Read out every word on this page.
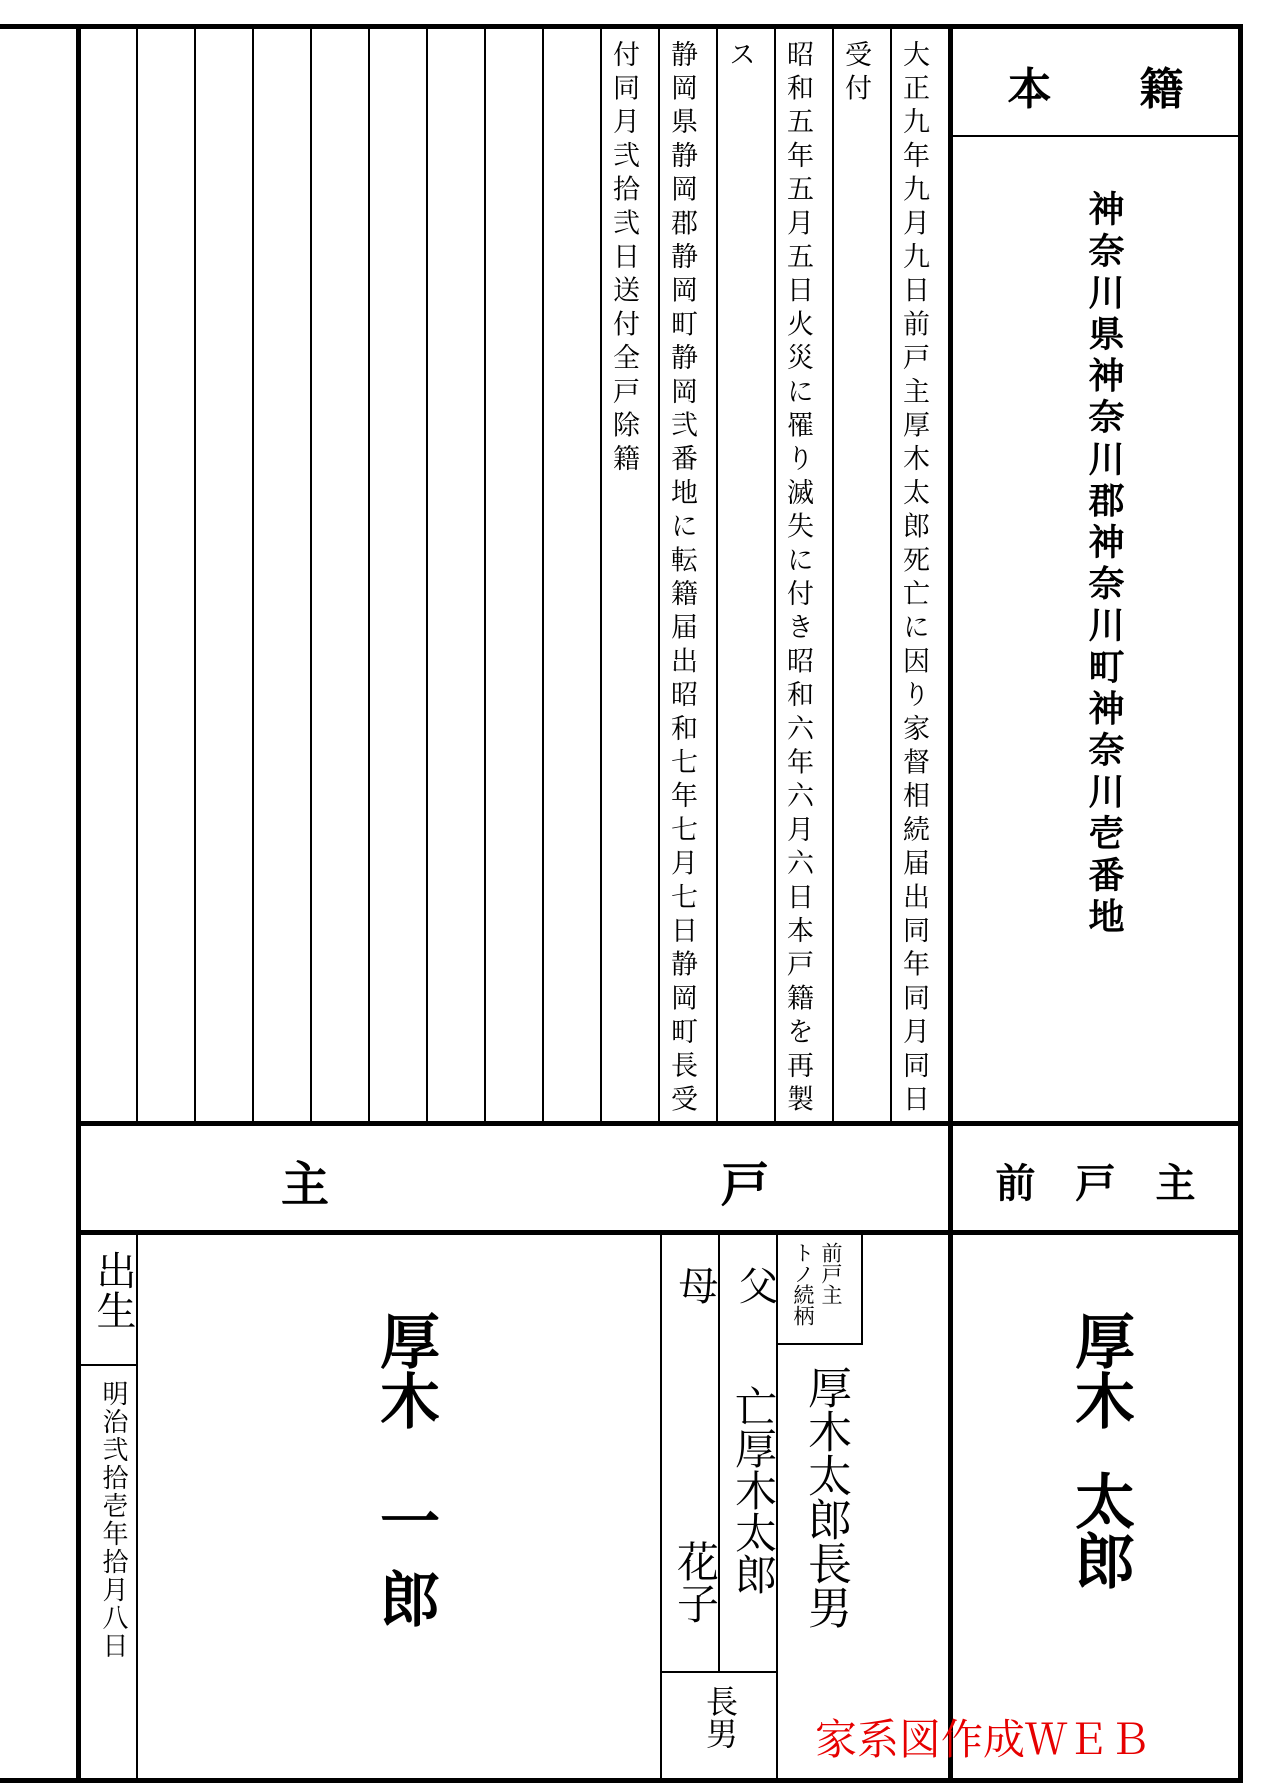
本　　籍
神奈川県神奈川郡神奈川町神奈川壱番地
大正九年九月九日前戸主厚木太郎死亡に因り家督相続届出同年同月同日
受付
昭和五年五月五日火災に罹り滅失に付き昭和六年六月六日本戸籍を再製
ス
静岡県静岡郡静岡町静岡弐番地に転籍届出昭和七年七月七日静岡町長受
付同月弐拾弐日送付全戸除籍
前　戸　主
厚木
太郎
主	戸
前戸主
トノ続柄
厚木太郎長男
父
亡厚木太郎
母
花子
長男
出生
明治弐拾壱年拾月八日
厚木
一郎
家系図作成ＷＥＢ
